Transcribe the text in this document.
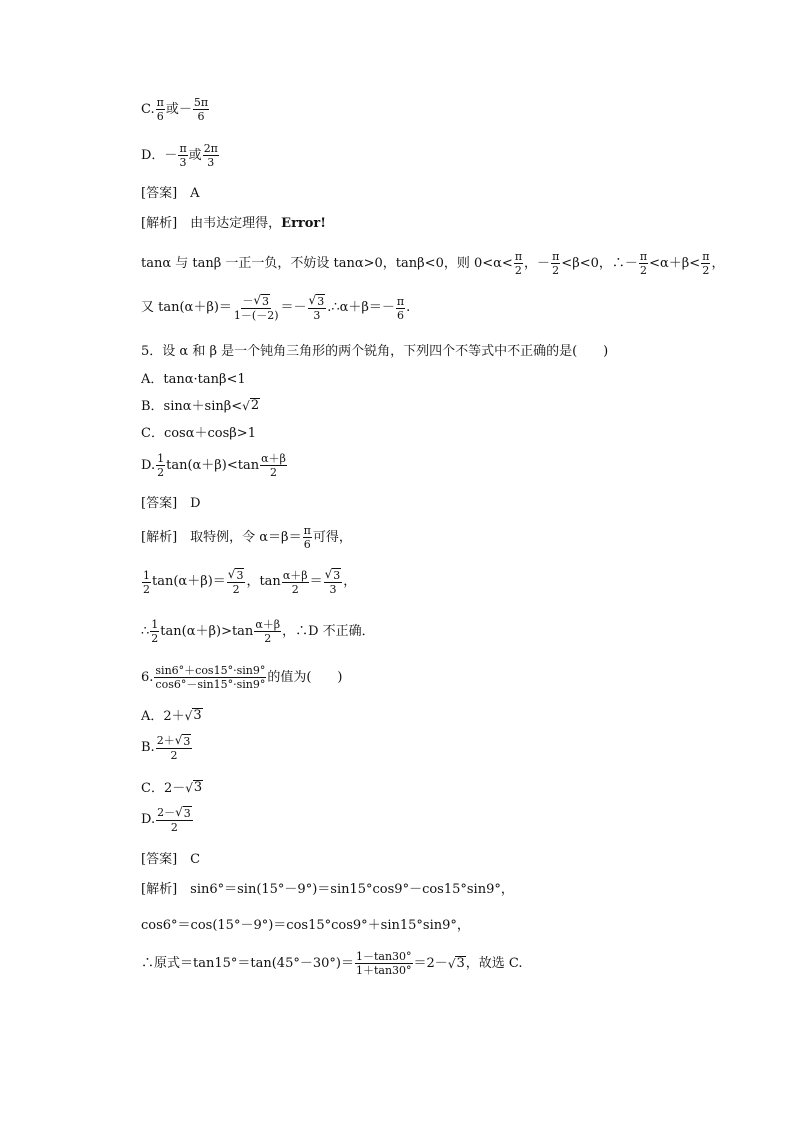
C. $\frac{\pi}{6}$ 或－ $\frac{5\pi}{6}$
D．－ $\frac{\pi}{3}$ 或 $\frac{2\pi}{3}$
[答案]　A
[解析]　由韦达定理得，Error!
tanα 与 tanβ 一正一负，不妨设 tanα>0，tanβ<0，则 $0<\alpha< \frac{\pi}{2}$ ，－ $\frac{\pi}{2} <\beta<0$，∴－ $\frac{\pi}{2} <\alpha+\beta< \frac{\pi}{2}$ ，
又 $\tan(\alpha+\beta)= \frac{- √ 3}{1-(-2)} =- \frac{√ 3}{3}$ .∴α＋β＝－ $\frac{\pi}{6}$ .
5．设 α 和 β 是一个钝角三角形的两个锐角，下列四个不等式中不正确的是(　　)
A．tanα·tanβ<1
B．sinα＋sinβ< √ 2
C．cosα＋cosβ>1
D. $\frac{1}{2} \tan(\alpha+\beta)<\tan \frac{\alpha+\beta}{2}$
[答案]　D
[解析]　取特例，令 $\alpha=\beta= \frac{\pi}{6}$ 可得，
$\frac{1}{2} \tan(\alpha+\beta)= \frac{√ 3}{2}$ ，$\tan \frac{\alpha+\beta}{2} = \frac{√ 3}{3}$ ，
∴ $\frac{1}{2} \tan(\alpha+\beta)>\tan \frac{\alpha+\beta}{2}$ ，∴D 不正确．
6. $\frac{\sin 6^\circ+\cos 15^\circ\cdot\sin 9^\circ}{\cos 6^\circ-\sin 15^\circ\cdot\sin 9^\circ}$ 的值为(　　)
A．2＋ √ 3
B. $\frac{2+ √ 3}{2}$
C．2－ √ 3
D. $\frac{2- √ 3}{2}$
[答案]　C
[解析]　sin6°＝sin(15°－9°)＝sin15°cos9°－cos15°sin9°，
cos6°＝cos(15°－9°)＝cos15°cos9°＋sin15°sin9°，
∴原式$=\tan 15^\circ=\tan(45^\circ-30^\circ)= \frac{1-\tan 30^\circ}{1+\tan 30^\circ} =2-$ √ 3 ，故选 C.
